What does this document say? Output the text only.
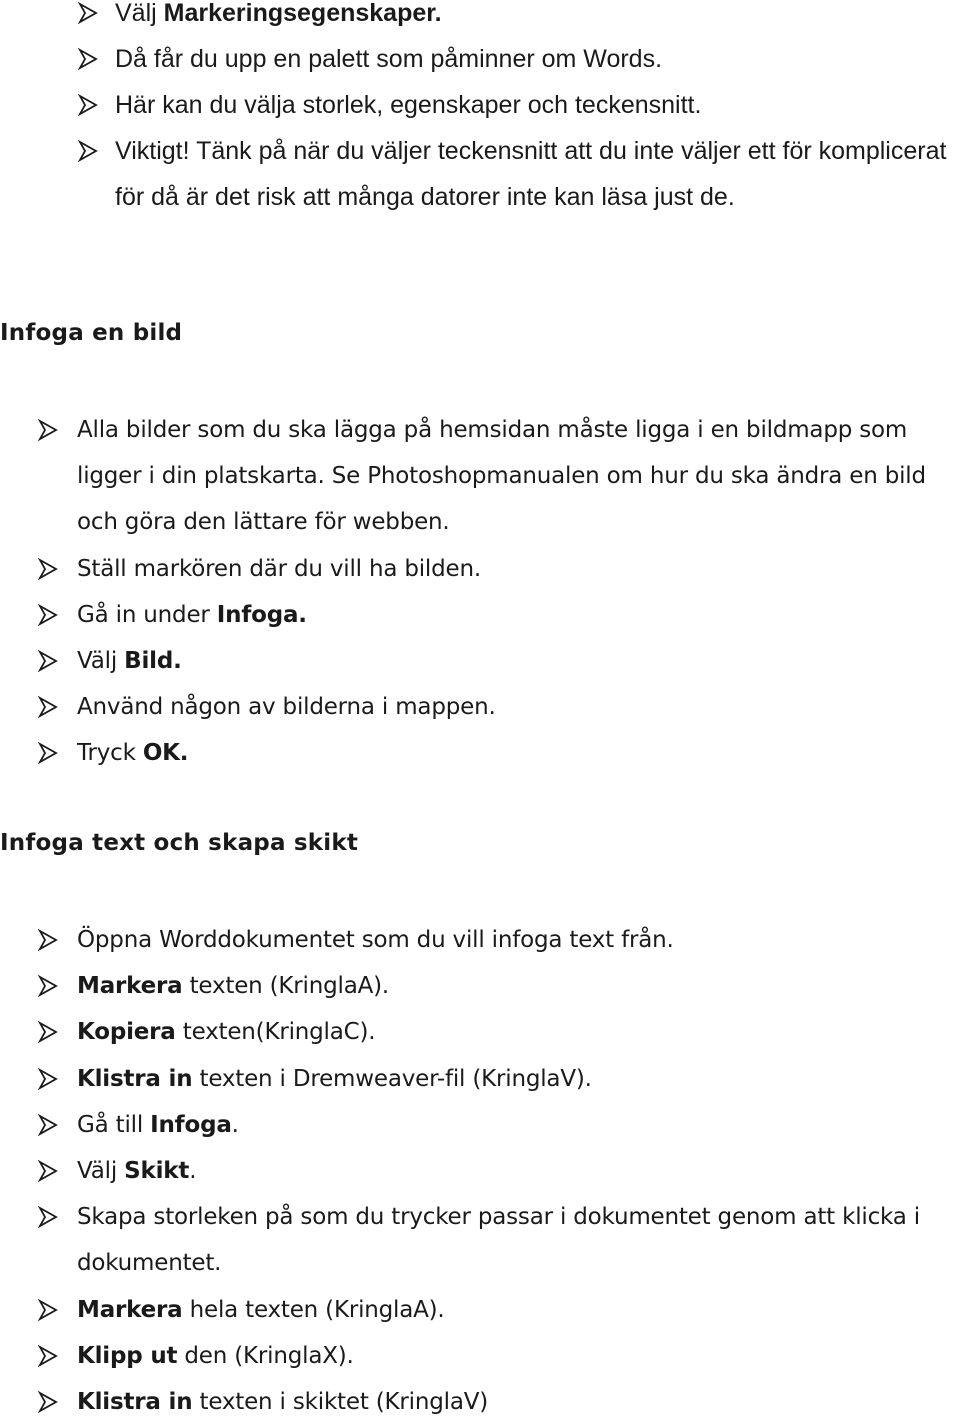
Välj Markeringsegenskaper.
Då får du upp en palett som påminner om Words.
Här kan du välja storlek, egenskaper och teckensnitt.
Viktigt! Tänk på när du väljer teckensnitt att du inte väljer ett för komplicerat för då är det risk att många datorer inte kan läsa just de.
Infoga en bild
Alla bilder som du ska lägga på hemsidan måste ligga i en bildmapp som ligger i din platskarta. Se Photoshopmanualen om hur du ska ändra en bild och göra den lättare för webben.
Ställ markören där du vill ha bilden.
Gå in under Infoga.
Välj Bild.
Använd någon av bilderna i mappen.
Tryck OK.
Infoga text och skapa skikt
Öppna Worddokumentet som du vill infoga text från.
Markera texten (KringlaA).
Kopiera texten(KringlaC).
Klistra in texten i Dremweaver-fil (KringlaV).
Gå till Infoga.
Välj Skikt.
Skapa storleken på som du trycker passar i dokumentet genom att klicka i dokumentet.
Markera hela texten (KringlaA).
Klipp ut den (KringlaX).
Klistra in texten i skiktet (KringlaV)
